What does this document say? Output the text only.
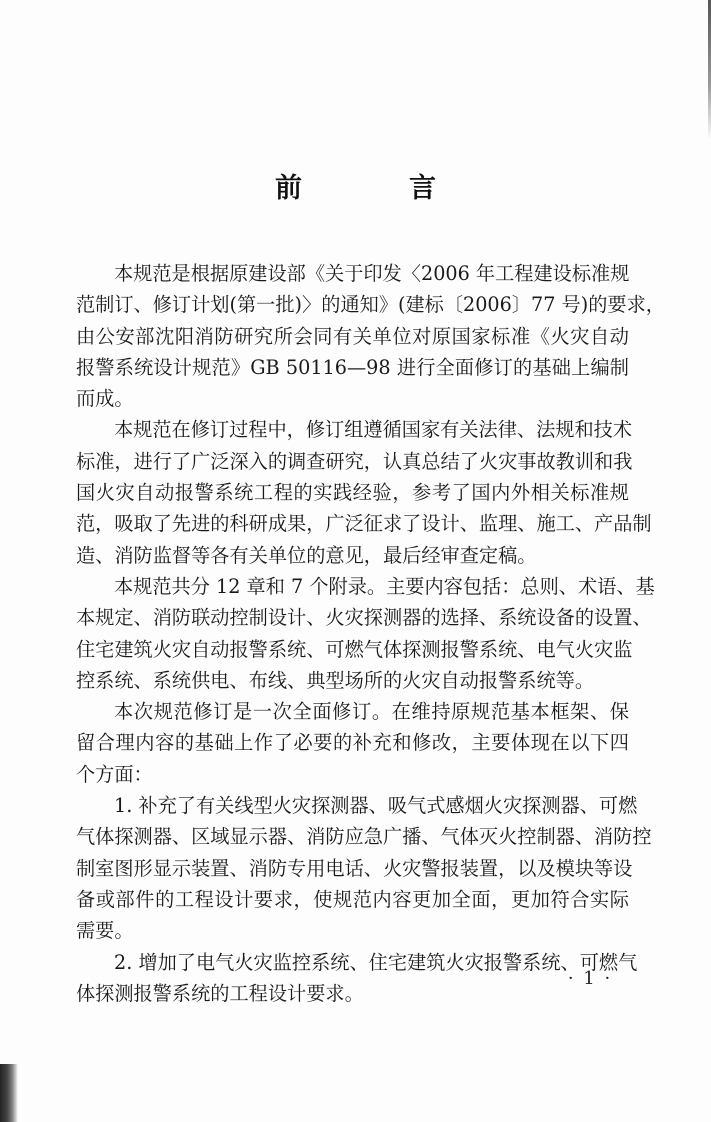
前　言

本规范是根据原建设部《关于印发〈2006 年工程建设标准规
范制订、修订计划(第一批)〉的通知》(建标〔2006〕77 号)的要求，
由公安部沈阳消防研究所会同有关单位对原国家标准《火灾自动
报警系统设计规范》GB 50116—98 进行全面修订的基础上编制
而成。

本规范在修订过程中，修订组遵循国家有关法律、法规和技术
标准，进行了广泛深入的调查研究，认真总结了火灾事故教训和我
国火灾自动报警系统工程的实践经验，参考了国内外相关标准规
范，吸取了先进的科研成果，广泛征求了设计、监理、施工、产品制
造、消防监督等各有关单位的意见，最后经审查定稿。

本规范共分 12 章和 7 个附录。主要内容包括：总则、术语、基
本规定、消防联动控制设计、火灾探测器的选择、系统设备的设置、
住宅建筑火灾自动报警系统、可燃气体探测报警系统、电气火灾监
控系统、系统供电、布线、典型场所的火灾自动报警系统等。

本次规范修订是一次全面修订。在维持原规范基本框架、保
留合理内容的基础上作了必要的补充和修改，主要体现在以下四
个方面：

1. 补充了有关线型火灾探测器、吸气式感烟火灾探测器、可燃
气体探测器、区域显示器、消防应急广播、气体灭火控制器、消防控
制室图形显示装置、消防专用电话、火灾警报装置，以及模块等设
备或部件的工程设计要求，使规范内容更加全面，更加符合实际
需要。

2. 增加了电气火灾监控系统、住宅建筑火灾报警系统、可燃气
体探测报警系统的工程设计要求。

· 1 ·
